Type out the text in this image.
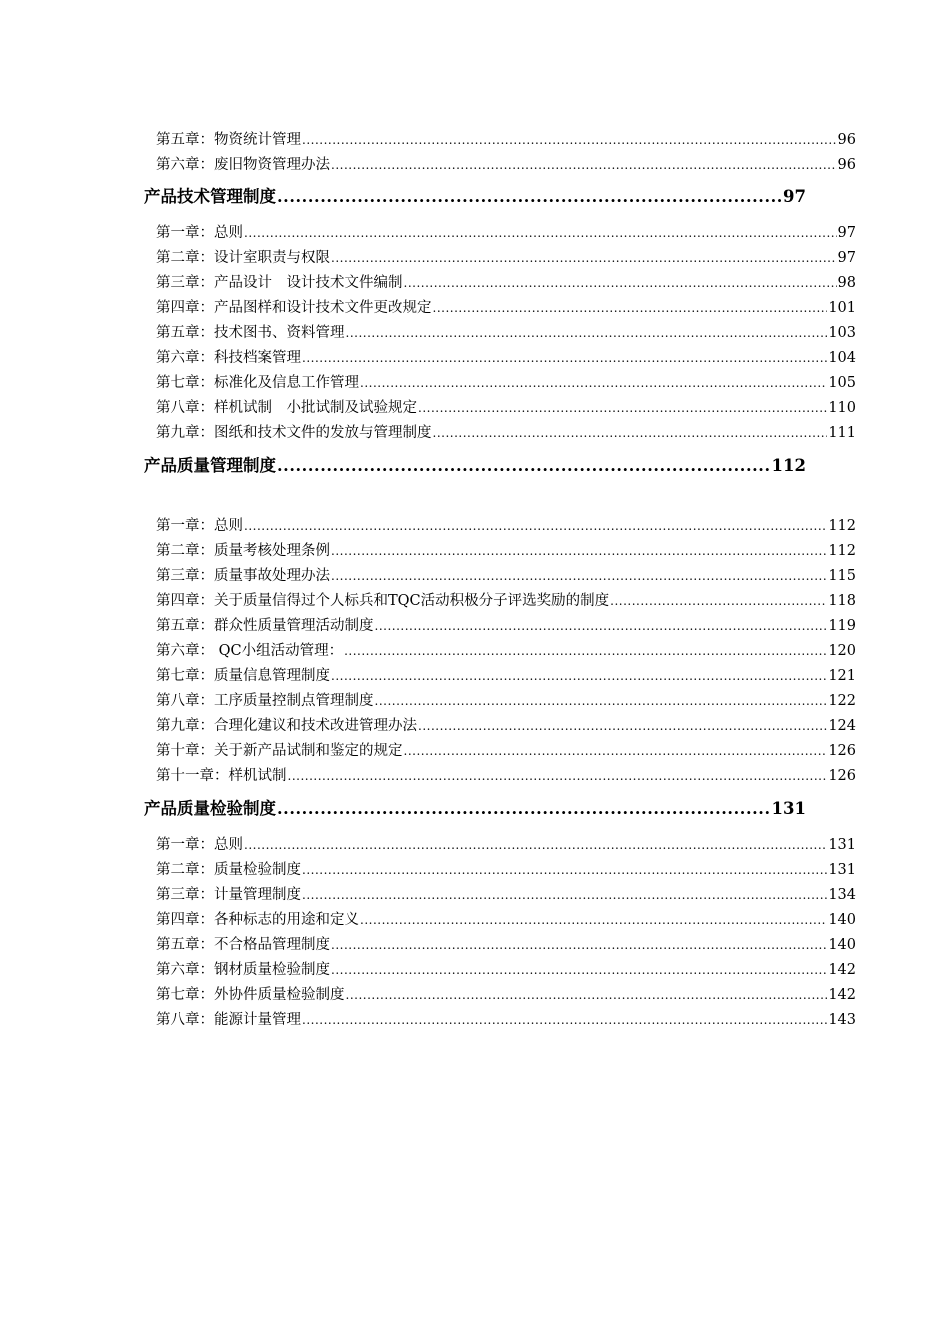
第五章：物资统计管理 .....	96
第六章：废旧物资管理办法 .....	96
产品技术管理制度 .....	97
第一章：总则 .....	97
第二章：设计室职责与权限 .....	97
第三章：产品设计　设计技术文件编制 .....	98
第四章：产品图样和设计技术文件更改规定 .....	101
第五章：技术图书、资料管理 .....	103
第六章：科技档案管理 .....	104
第七章：标准化及信息工作管理 .....	105
第八章：样机试制　小批试制及试验规定 .....	110
第九章：图纸和技术文件的发放与管理制度 .....	111
产品质量管理制度 .....	112
第一章：总则 .....	112
第二章：质量考核处理条例 .....	112
第三章：质量事故处理办法 .....	115
第四章：关于质量信得过个人标兵和TQC活动积极分子评选奖励的制度 .....	118
第五章：群众性质量管理活动制度 .....	119
第六章： QC小组活动管理： .....	120
第七章：质量信息管理制度 .....	121
第八章：工序质量控制点管理制度 .....	122
第九章：合理化建议和技术改进管理办法 .....	124
第十章：关于新产品试制和鉴定的规定 .....	126
第十一章：样机试制 .....	126
产品质量检验制度 .....	131
第一章：总则 .....	131
第二章：质量检验制度 .....	131
第三章：计量管理制度 .....	134
第四章：各种标志的用途和定义 .....	140
第五章：不合格品管理制度 .....	140
第六章：钢材质量检验制度 .....	142
第七章：外协件质量检验制度 .....	142
第八章：能源计量管理 .....	143
